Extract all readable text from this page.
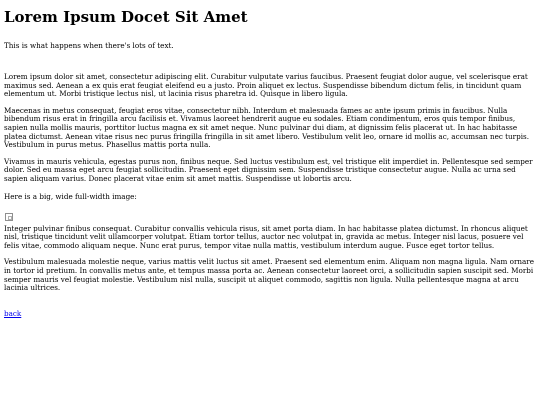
Lorem Ipsum Docet Sit Amet

This is what happens when there's lots of text.

Lorem ipsum dolor sit amet, consectetur adipiscing elit. Curabitur vulputate varius faucibus. Praesent feugiat dolor augue, vel scelerisque erat maximus sed. Aenean a ex quis erat feugiat eleifend eu a justo. Proin aliquet ex lectus. Suspendisse bibendum dictum felis, in tincidunt quam elementum ut. Morbi tristique lectus nisl, ut lacinia risus pharetra id. Quisque in libero ligula.

Maecenas in metus consequat, feugiat eros vitae, consectetur nibh. Interdum et malesuada fames ac ante ipsum primis in faucibus. Nulla bibendum risus erat in fringilla arcu facilisis et. Vivamus laoreet hendrerit augue eu sodales. Etiam condimentum, eros quis tempor finibus, sapien nulla mollis mauris, porttitor luctus magna ex sit amet neque. Nunc pulvinar dui diam, at dignissim felis placerat ut. In hac habitasse platea dictumst. Aenean vitae risus nec purus fringilla fringilla in sit amet libero. Vestibulum velit leo, ornare id mollis ac, accumsan nec turpis. Vestibulum in purus metus. Phasellus mattis porta nulla.

Vivamus in mauris vehicula, egestas purus non, finibus neque. Sed luctus vestibulum est, vel tristique elit imperdiet in. Pellentesque sed semper dolor. Sed eu massa eget arcu feugiat sollicitudin. Praesent eget dignissim sem. Suspendisse tristique consectetur augue. Nulla ac urna sed sapien aliquam varius. Donec placerat vitae enim sit amet mattis. Suspendisse ut lobortis arcu.

Here is a big, wide full-width image:

Integer pulvinar finibus consequat. Curabitur convallis vehicula risus, sit amet porta diam. In hac habitasse platea dictumst. In rhoncus aliquet nisl, tristique tincidunt velit ullamcorper volutpat. Etiam tortor tellus, auctor nec volutpat in, gravida ac metus. Integer nisl lacus, posuere vel felis vitae, commodo aliquam neque. Nunc erat purus, tempor vitae nulla mattis, vestibulum interdum augue. Fusce eget tortor tellus.

Vestibulum malesuada molestie neque, varius mattis velit luctus sit amet. Praesent sed elementum enim. Aliquam non magna ligula. Nam ornare in tortor id pretium. In convallis metus ante, et tempus massa porta ac. Aenean consectetur laoreet orci, a sollicitudin sapien suscipit sed. Morbi semper mauris vel feugiat molestie. Vestibulum nisl nulla, suscipit ut aliquet commodo, sagittis non ligula. Nulla pellentesque magna at arcu lacinia ultrices.

back
